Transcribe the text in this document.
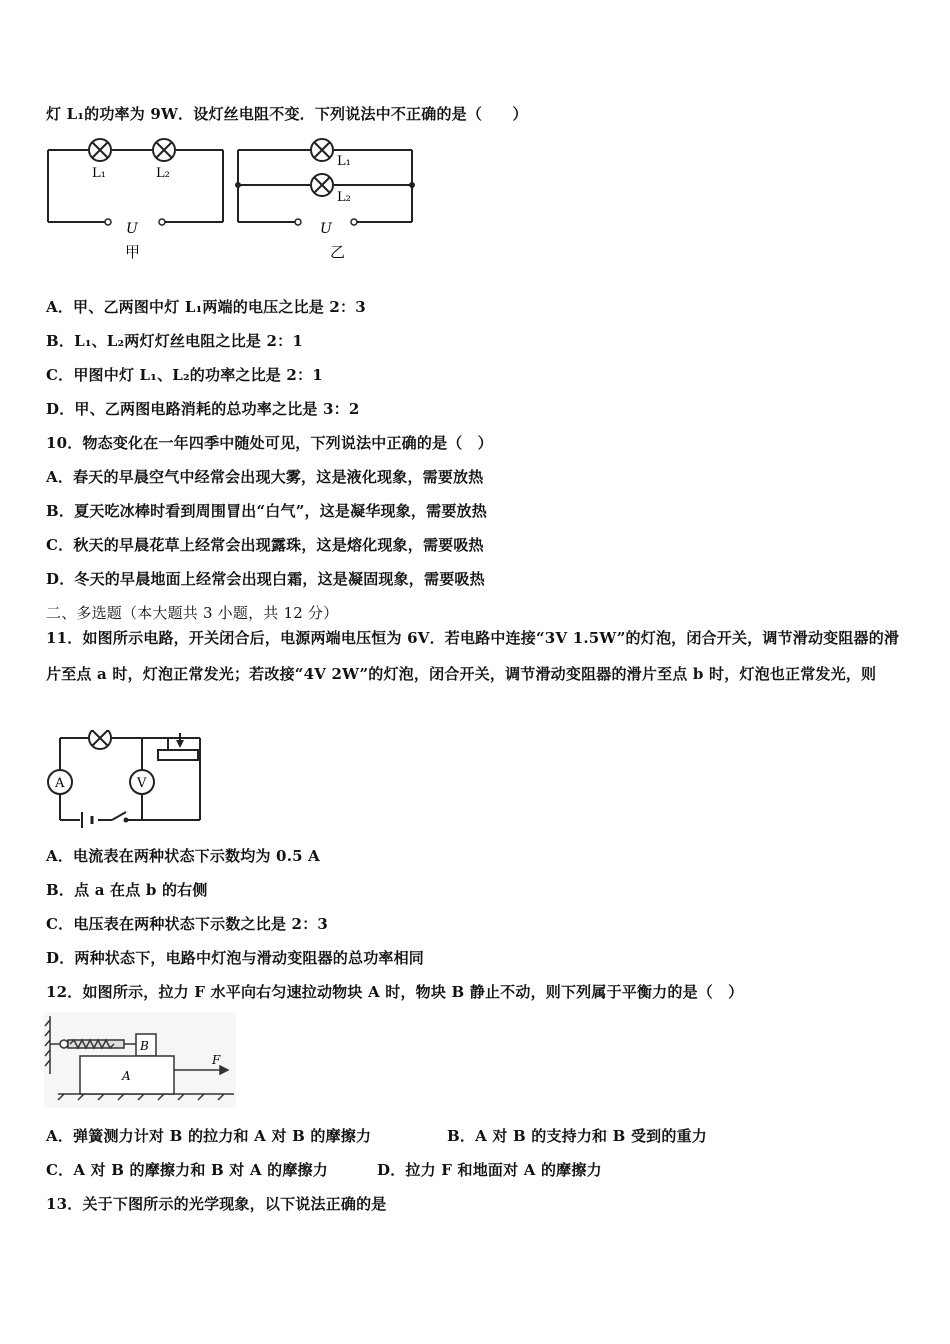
灯 L₁的功率为 9W．设灯丝电阻不变．下列说法中不正确的是（　　）
L₁	L₂
U
甲
L₁
L₂
U
乙
A．甲、乙两图中灯 L₁两端的电压之比是 2：3
B．L₁、L₂两灯灯丝电阻之比是 2：1
C．甲图中灯 L₁、L₂的功率之比是 2：1
D．甲、乙两图电路消耗的总功率之比是 3：2
10．物态变化在一年四季中随处可见，下列说法中正确的是（　）
A．春天的早晨空气中经常会出现大雾，这是液化现象，需要放热
B．夏天吃冰棒时看到周围冒出“白气”，这是凝华现象，需要放热
C．秋天的早晨花草上经常会出现露珠，这是熔化现象，需要吸热
D．冬天的早晨地面上经常会出现白霜，这是凝固现象，需要吸热
二、多选题（本大题共 3 小题，共 12 分）
11．如图所示电路，开关闭合后，电源两端电压恒为 6V．若电路中连接“3V 1.5W”的灯泡，闭合开关，调节滑动变阻器的滑片至点 a 时，灯泡正常发光；若改接“4V 2W”的灯泡，闭合开关，调节滑动变阻器的滑片至点 b 时，灯泡也正常发光，则
A	V
A．电流表在两种状态下示数均为 0.5 A
B．点 a 在点 b 的右侧
C．电压表在两种状态下示数之比是 2：3
D．两种状态下，电路中灯泡与滑动变阻器的总功率相同
12．如图所示，拉力 F 水平向右匀速拉动物块 A 时，物块 B 静止不动，则下列属于平衡力的是（　）
B
A
F
A．弹簧测力计对 B 的拉力和 A 对 B 的摩擦力	B．A 对 B 的支持力和 B 受到的重力
C．A 对 B 的摩擦力和 B 对 A 的摩擦力	D．拉力 F 和地面对 A 的摩擦力
13．关于下图所示的光学现象，以下说法正确的是
